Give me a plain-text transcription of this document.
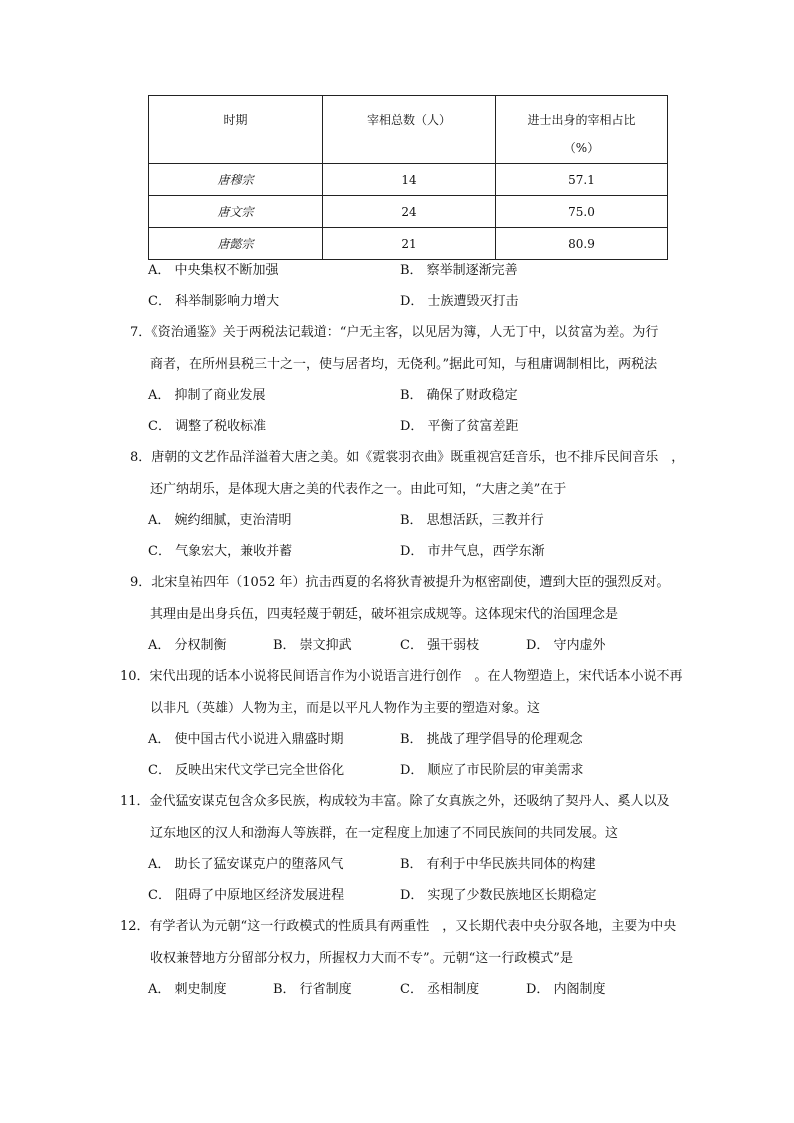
时期	宰相总数（人）	进士出身的宰相占比
（%）

唐穆宗	14	57.1
唐文宗	24	75.0
唐懿宗	21	80.9
A． 中央集权不断加强	B． 察举制逐渐完善
C． 科举制影响力增大	D． 士族遭毁灭打击
7．《资治通鉴》关于两税法记载道：“户无主客，以见居为簿，人无丁中，以贫富为差。为行
商者，在所州县税三十之一，使与居者均，无侥利。”据此可知，与租庸调制相比，两税法
A． 抑制了商业发展	B． 确保了财政稳定
C． 调整了税收标准	D． 平衡了贫富差距
8．唐朝的文艺作品洋溢着大唐之美。如《霓裳羽衣曲》既重视宫廷音乐，也不排斥民间音乐　，
还广纳胡乐，是体现大唐之美的代表作之一。由此可知，“大唐之美”在于
A． 婉约细腻，吏治清明	B． 思想活跃，三教并行
C． 气象宏大，兼收并蓄	D． 市井气息，西学东渐
9．北宋皇祐四年（1052 年）抗击西夏的名将狄青被提升为枢密副使，遭到大臣的强烈反对。
其理由是出身兵伍，四夷轻蔑于朝廷，破坏祖宗成规等。这体现宋代的治国理念是
A． 分权制衡	B． 崇文抑武	C． 强干弱枝	D． 守内虚外
10．宋代出现的话本小说将民间语言作为小说语言进行创作　。在人物塑造上，宋代话本小说不再
以非凡（英雄）人物为主，而是以平凡人物作为主要的塑造对象。这
A． 使中国古代小说进入鼎盛时期	B． 挑战了理学倡导的伦理观念
C． 反映出宋代文学已完全世俗化	D． 顺应了市民阶层的审美需求
11．金代猛安谋克包含众多民族，构成较为丰富。除了女真族之外，还吸纳了契丹人、奚人以及
辽东地区的汉人和渤海人等族群，在一定程度上加速了不同民族间的共同发展。这
A． 助长了猛安谋克户的堕落风气	B． 有利于中华民族共同体的构建
C． 阻碍了中原地区经济发展进程	D． 实现了少数民族地区长期稳定
12．有学者认为元朝“这一行政模式的性质具有两重性　，又长期代表中央分驭各地，主要为中央
收权兼替地方分留部分权力，所握权力大而不专”。元朝“这一行政模式”是
A． 刺史制度	B． 行省制度	C． 丞相制度	D． 内阁制度
